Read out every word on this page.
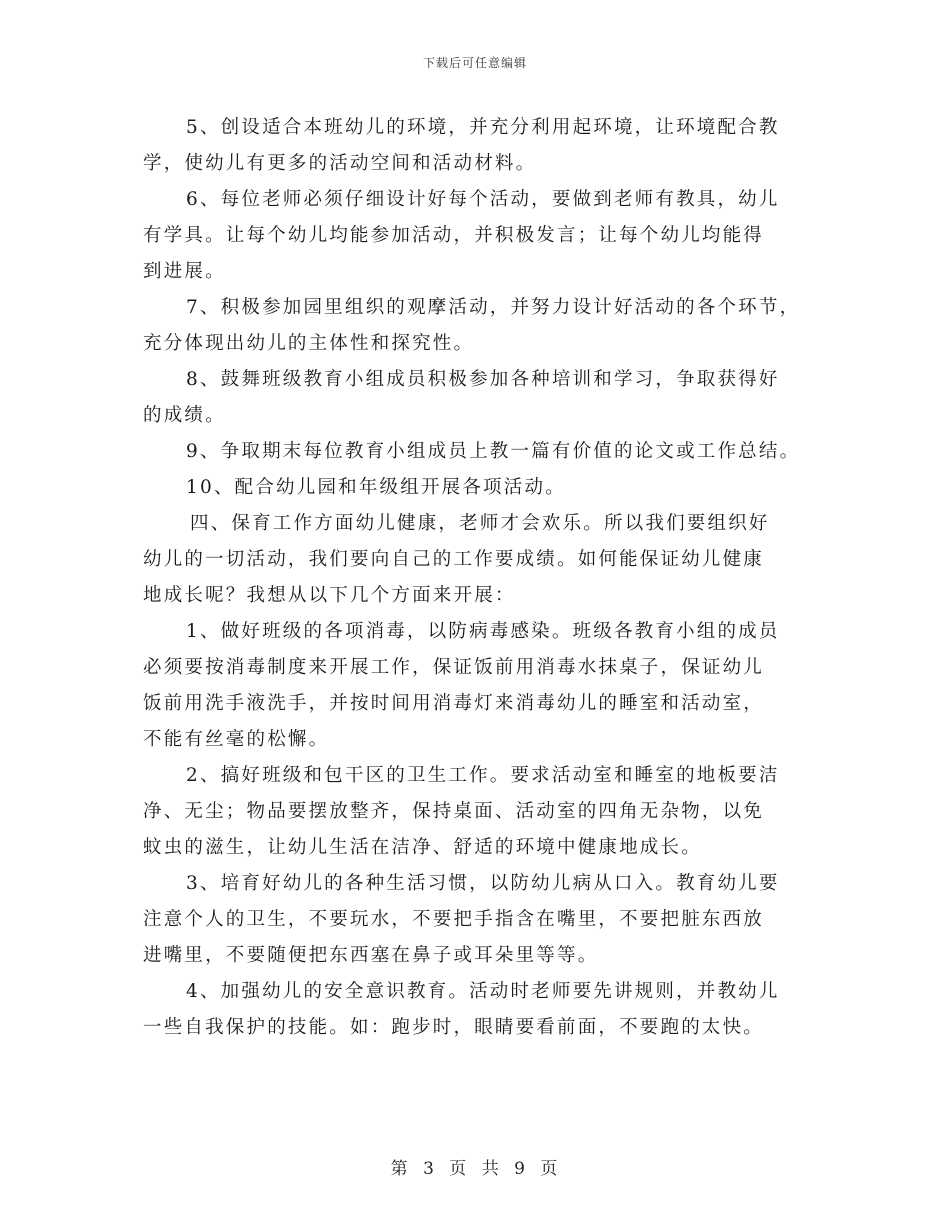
下载后可任意编辑

5、创设适合本班幼儿的环境，并充分利用起环境，让环境配合教
学，使幼儿有更多的活动空间和活动材料。

6、每位老师必须仔细设计好每个活动，要做到老师有教具，幼儿
有学具。让每个幼儿均能参加活动，并积极发言；让每个幼儿均能得
到进展。

7、积极参加园里组织的观摩活动，并努力设计好活动的各个环节，
充分体现出幼儿的主体性和探究性。

8、鼓舞班级教育小组成员积极参加各种培训和学习，争取获得好
的成绩。

9、争取期末每位教育小组成员上教一篇有价值的论文或工作总结。

10、配合幼儿园和年级组开展各项活动。

四、保育工作方面幼儿健康，老师才会欢乐。所以我们要组织好
幼儿的一切活动，我们要向自己的工作要成绩。如何能保证幼儿健康
地成长呢？我想从以下几个方面来开展：

1、做好班级的各项消毒，以防病毒感染。班级各教育小组的成员
必须要按消毒制度来开展工作，保证饭前用消毒水抹桌子，保证幼儿
饭前用洗手液洗手，并按时间用消毒灯来消毒幼儿的睡室和活动室，
不能有丝毫的松懈。

2、搞好班级和包干区的卫生工作。要求活动室和睡室的地板要洁
净、无尘；物品要摆放整齐，保持桌面、活动室的四角无杂物，以免
蚊虫的滋生，让幼儿生活在洁净、舒适的环境中健康地成长。

3、培育好幼儿的各种生活习惯，以防幼儿病从口入。教育幼儿要
注意个人的卫生，不要玩水，不要把手指含在嘴里，不要把脏东西放
进嘴里，不要随便把东西塞在鼻子或耳朵里等等。

4、加强幼儿的安全意识教育。活动时老师要先讲规则，并教幼儿
一些自我保护的技能。如：跑步时，眼睛要看前面，不要跑的太快。

第 3 页 共 9 页
